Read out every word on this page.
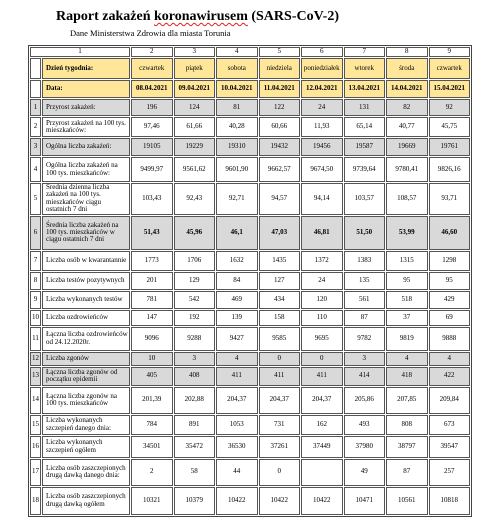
Raport zakażeń koronawirusem (SARS-CoV-2)
Dane Ministerstwa Zdrowia dla miasta Torunia
1		2	3	4	5	6	7	8	9
	Dzień tygodnia:	czwartek	piątek	sobota	niedziela	poniedziałek	wtorek	środa	czwartek
	Data:	08.04.2021	09.04.2021	10.04.2021	11.04.2021	12.04.2021	13.04.2021	14.04.2021	15.04.2021
1	Przyrost zakażeń:	196	124	81	122	24	131	82	92
2	Przyrost zakażeń na 100 tys. mieszkańców:	97,46	61,66	40,28	60,66	11,93	65,14	40,77	45,75
3	Ogólna liczba zakażeń:	19105	19229	19310	19432	19456	19587	19669	19761
4	Ogólna liczba zakażeń na 100 tys. mieszkańców:	9499,97	9561,62	9601,90	9662,57	9674,50	9739,64	9780,41	9826,16
5	Średnia dzienna liczba zakażeń na 100 tys. mieszkańców ciągu ostatnich 7 dni	103,43	92,43	92,71	94,57	94,14	103,57	108,57	93,71
6	Średnia liczba zakażeń na 100 tys. mieszkańców w ciągu ostatnich 7 dni	51,43	45,96	46,1	47,03	46,81	51,50	53,99	46,60
7	Liczba osób w kwarantannie	1773	1706	1632	1435	1372	1383	1315	1298
8	Liczba testów pozytywnych	201	129	84	127	24	135	95	95
9	Liczba wykonanych testów	781	542	469	434	120	561	518	429
10	Liczba ozdrowieńców	147	192	139	158	110	87	37	69
11	Łączna liczba ozdrowieńców od 24.12.2020r.	9096	9288	9427	9585	9695	9782	9819	9888
12	Liczba zgonów	10	3	4	0	0	3	4	4
13	Łączna liczba zgonów od początku epidemii	405	408	411	411	411	414	418	422
14	Łączna liczba zgonów na 100 tys. mieszkańców	201,39	202,88	204,37	204,37	204,37	205,86	207,85	209,84
15	Liczba wykonanych szczepień danego dnia:	784	891	1053	731	162	493	808	673
16	Liczba wykonanych szczepień ogółem	34501	35472	36530	37261	37449	37980	38797	39547
17	Liczba osób zaszczepionych drugą dawką danego dnia:	2	58	44	0		49	87	257
18	Liczba osób zaszczepionych drugą dawką ogółem	10321	10379	10422	10422	10422	10471	10561	10818
